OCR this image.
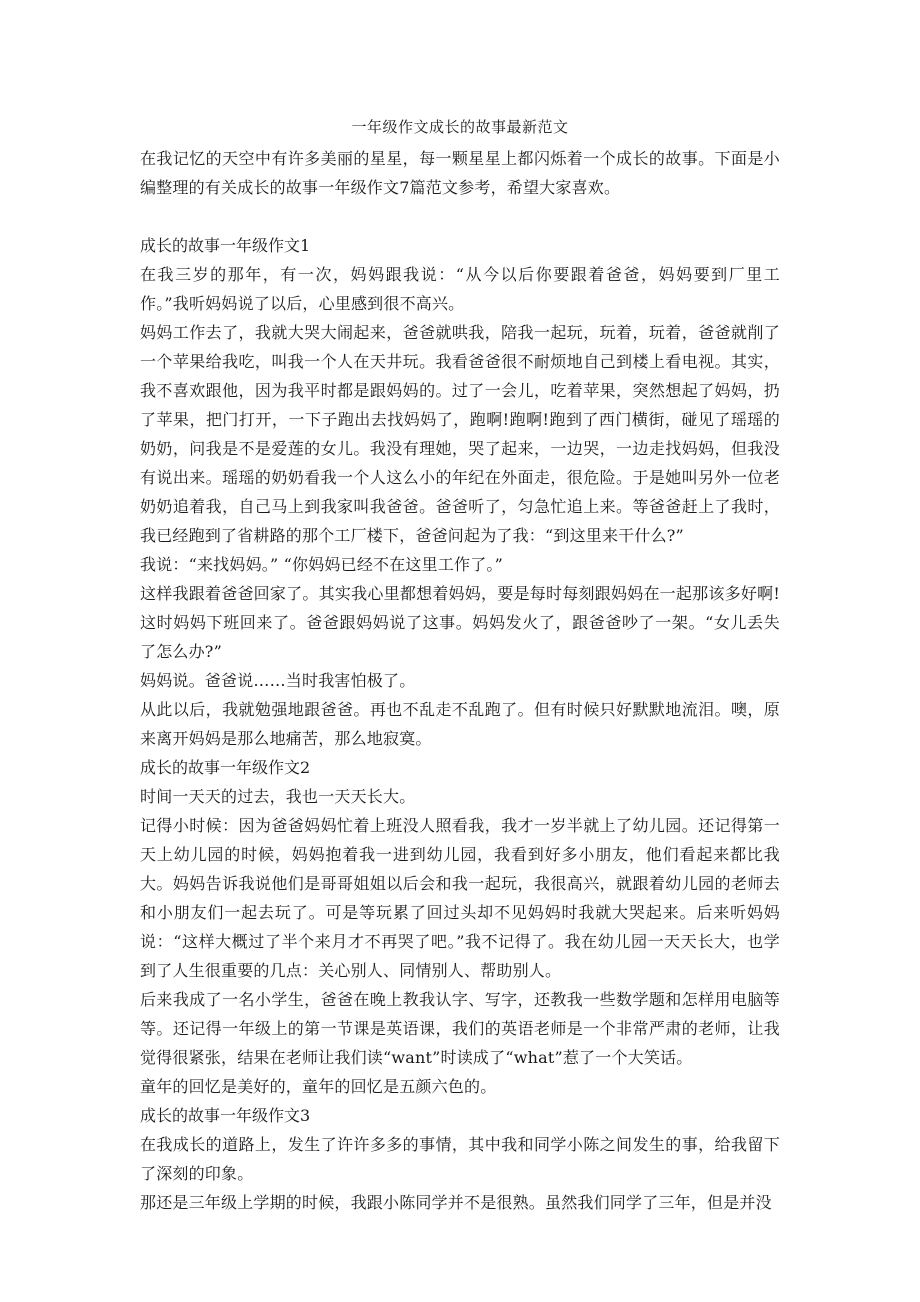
一年级作文成长的故事最新范文

在我记忆的天空中有许多美丽的星星，每一颗星星上都闪烁着一个成长的故事。下面是小编整理的有关成长的故事一年级作文7篇范文参考，希望大家喜欢。

成长的故事一年级作文1

在我三岁的那年，有一次，妈妈跟我说：“从今以后你要跟着爸爸，妈妈要到厂里工作。”我听妈妈说了以后，心里感到很不高兴。

妈妈工作去了，我就大哭大闹起来，爸爸就哄我，陪我一起玩，玩着，玩着，爸爸就削了一个苹果给我吃，叫我一个人在天井玩。我看爸爸很不耐烦地自己到楼上看电视。其实，我不喜欢跟他，因为我平时都是跟妈妈的。过了一会儿，吃着苹果，突然想起了妈妈，扔了苹果，把门打开，一下子跑出去找妈妈了，跑啊!跑啊!跑到了西门横街，碰见了瑶瑶的奶奶，问我是不是爱莲的女儿。我没有理她，哭了起来，一边哭，一边走找妈妈，但我没有说出来。瑶瑶的奶奶看我一个人这么小的年纪在外面走，很危险。于是她叫另外一位老奶奶追着我，自己马上到我家叫我爸爸。爸爸听了，匀急忙追上来。等爸爸赶上了我时，我已经跑到了省耕路的那个工厂楼下，爸爸问起为了我：“到这里来干什么?”

我说：“来找妈妈。” “你妈妈已经不在这里工作了。”

这样我跟着爸爸回家了。其实我心里都想着妈妈，要是每时每刻跟妈妈在一起那该多好啊!这时妈妈下班回来了。爸爸跟妈妈说了这事。妈妈发火了，跟爸爸吵了一架。“女儿丢失了怎么办?”

妈妈说。爸爸说……当时我害怕极了。

从此以后，我就勉强地跟爸爸。再也不乱走不乱跑了。但有时候只好默默地流泪。噢，原来离开妈妈是那么地痛苦，那么地寂寞。

成长的故事一年级作文2

时间一天天的过去，我也一天天长大。

记得小时候：因为爸爸妈妈忙着上班没人照看我，我才一岁半就上了幼儿园。还记得第一天上幼儿园的时候，妈妈抱着我一进到幼儿园，我看到好多小朋友，他们看起来都比我大。妈妈告诉我说他们是哥哥姐姐以后会和我一起玩，我很高兴，就跟着幼儿园的老师去和小朋友们一起去玩了。可是等玩累了回过头却不见妈妈时我就大哭起来。后来听妈妈说：“这样大概过了半个来月才不再哭了吧。”我不记得了。我在幼儿园一天天长大，也学到了人生很重要的几点：关心别人、同情别人、帮助别人。

后来我成了一名小学生，爸爸在晚上教我认字、写字，还教我一些数学题和怎样用电脑等等。还记得一年级上的第一节课是英语课，我们的英语老师是一个非常严肃的老师，让我觉得很紧张，结果在老师让我们读“want”时读成了“what”惹了一个大笑话。

童年的回忆是美好的，童年的回忆是五颜六色的。

成长的故事一年级作文3

在我成长的道路上，发生了许许多多的事情，其中我和同学小陈之间发生的事，给我留下了深刻的印象。

那还是三年级上学期的时候，我跟小陈同学并不是很熟。虽然我们同学了三年，但是并没
